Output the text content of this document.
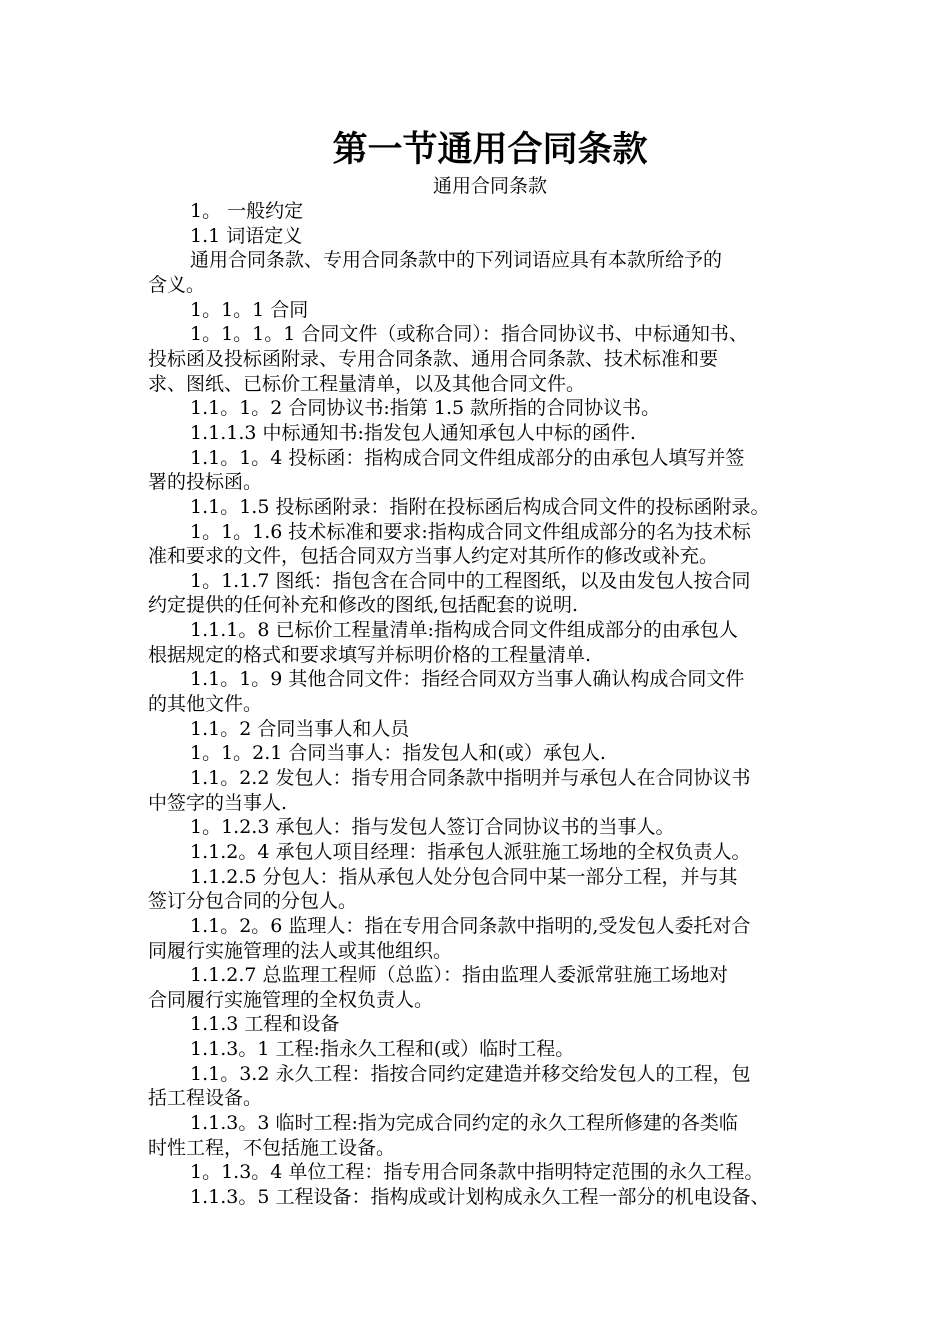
第一节通用合同条款
通用合同条款
1。 一般约定
1.1 词语定义
通用合同条款、专用合同条款中的下列词语应具有本款所给予的
含义。
1。1。1 合同
1。1。1。1 合同文件（或称合同）：指合同协议书、中标通知书、
投标函及投标函附录、专用合同条款、通用合同条款、技术标准和要
求、图纸、已标价工程量清单，以及其他合同文件。
1.1。1。2 合同协议书:指第 1.5 款所指的合同协议书。
1.1.1.3 中标通知书:指发包人通知承包人中标的函件.
1.1。1。4 投标函：指构成合同文件组成部分的由承包人填写并签
署的投标函。
1.1。1.5 投标函附录：指附在投标函后构成合同文件的投标函附录。
1。1。1.6 技术标准和要求:指构成合同文件组成部分的名为技术标
准和要求的文件，包括合同双方当事人约定对其所作的修改或补充。
1。1.1.7 图纸：指包含在合同中的工程图纸，以及由发包人按合同
约定提供的任何补充和修改的图纸,包括配套的说明.
1.1.1。8 已标价工程量清单:指构成合同文件组成部分的由承包人
根据规定的格式和要求填写并标明价格的工程量清单.
1.1。1。9 其他合同文件：指经合同双方当事人确认构成合同文件
的其他文件。
1.1。2 合同当事人和人员
1。1。2.1 合同当事人：指发包人和(或）承包人.
1.1。2.2 发包人：指专用合同条款中指明并与承包人在合同协议书
中签字的当事人.
1。1.2.3 承包人：指与发包人签订合同协议书的当事人。
1.1.2。4 承包人项目经理：指承包人派驻施工场地的全权负责人。
1.1.2.5 分包人：指从承包人处分包合同中某一部分工程，并与其
签订分包合同的分包人。
1.1。2。6 监理人：指在专用合同条款中指明的,受发包人委托对合
同履行实施管理的法人或其他组织。
1.1.2.7 总监理工程师（总监）：指由监理人委派常驻施工场地对
合同履行实施管理的全权负责人。
1.1.3 工程和设备
1.1.3。1 工程:指永久工程和(或）临时工程。
1.1。3.2 永久工程：指按合同约定建造并移交给发包人的工程，包
括工程设备。
1.1.3。3 临时工程:指为完成合同约定的永久工程所修建的各类临
时性工程，不包括施工设备。
1。1.3。4 单位工程：指专用合同条款中指明特定范围的永久工程。
1.1.3。5 工程设备：指构成或计划构成永久工程一部分的机电设备、
